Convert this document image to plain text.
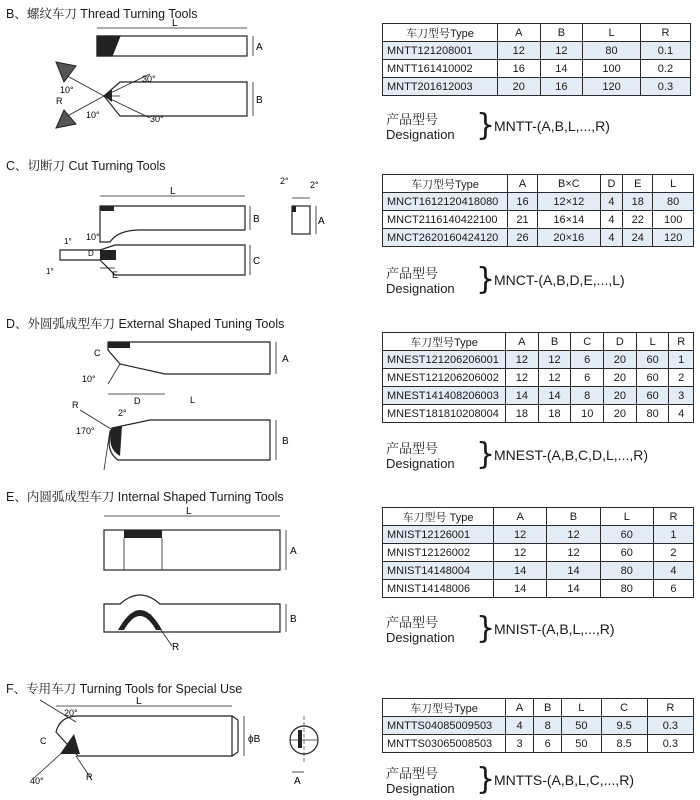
B、螺纹车刀 Thread Turning Tools
L
A
B
30°
10°
R
10°	30°
车刀型号Type	A	B	L	R
MNTT121208001	12	12	80	0.1
MNTT161410002	16	14	100	0.2
MNTT201612003	20	16	120	0.3
产品型号
Designation }
MNTT-(A,B,L,...,R)
C、切断刀 Cut Turning Tools
L
B
10°
2° 2°
A
1°
D
1°	E
C
车刀型号Type	A	B×C	D	E	L
MNCT1612120418080	16	12×12	4	18	80
MNCT2116140422100	21	16×14	4	22	100
MNCT2620160424120	26	20×16	4	24	120
产品型号
Designation }
MNCT-(A,B,D,E,...,L)
D、外圆弧成型车刀 External Shaped Tuning Tools
C
A
10°
D	L
R
2°
170°
B
车刀型号Type	A	B	C	D	L	R
MNEST121206206001	12	12	6	20	60	1
MNEST121206206002	12	12	6	20	60	2
MNEST141408206003	14	14	8	20	60	3
MNEST181810208004	18	18	10	20	80	4
产品型号
Designation }
MNEST-(A,B,C,D,L,...,R)
E、内圆弧成型车刀 Internal Shaped Turning Tools
L
A
B
R
车刀型号 Type	A	B	L	R
MNIST12126001	12	12	60	1
MNIST12126002	12	12	60	2
MNIST14148004	14	14	80	4
MNIST14148006	14	14	80	6
产品型号
Designation }
MNIST-(A,B,L,...,R)
F、专用车刀 Turning Tools for Special Use
L
20°
C
40°	R
ϕB
A
车刀型号Type	A	B	L	C	R
MNTTS04085009503	4	8	50	9.5	0.3
MNTTS03065008503	3	6	50	8.5	0.3
产品型号
Designation }
MNTTS-(A,B,L,C,...,R)
